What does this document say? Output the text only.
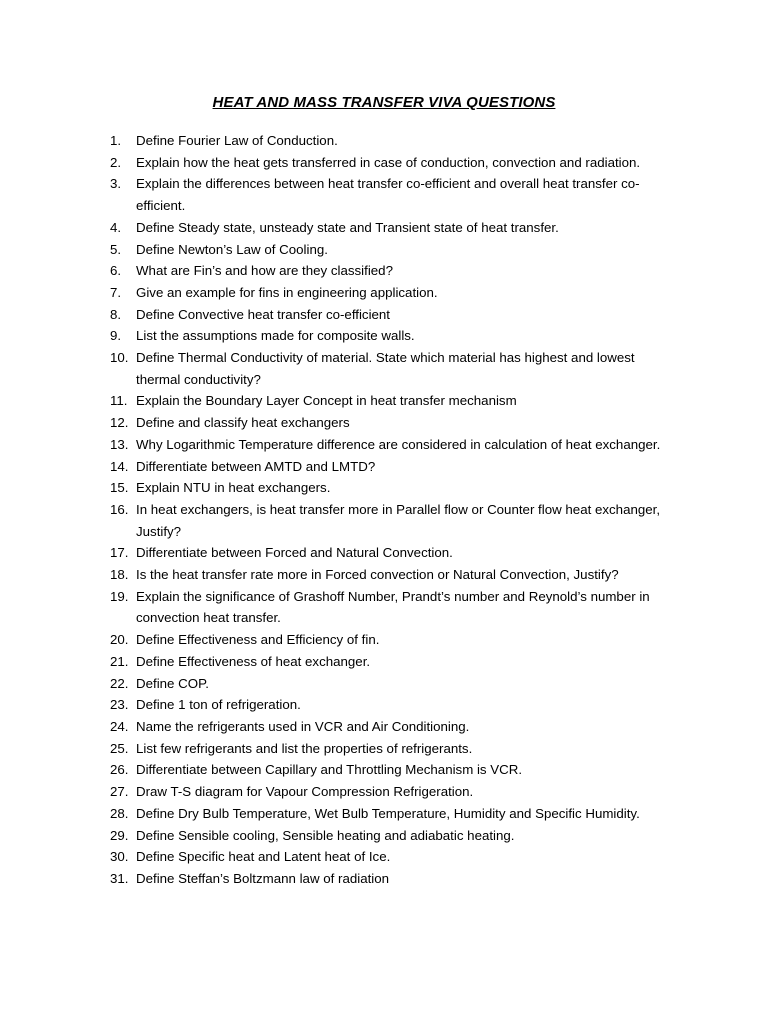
HEAT AND MASS TRANSFER VIVA QUESTIONS
1.	Define Fourier Law of Conduction.
2.	Explain how the heat gets transferred in case of conduction, convection and radiation.
3.	Explain the differences between heat transfer co-efficient and overall heat transfer co-efficient.
4.	Define Steady state, unsteady state and Transient state of heat transfer.
5.	Define Newton’s Law of Cooling.
6.	What are Fin’s and how are they classified?
7.	Give an example for fins in engineering application.
8.	Define Convective heat transfer co-efficient
9.	List the assumptions made for composite walls.
10. Define Thermal Conductivity of material. State which material has highest and lowest thermal conductivity?
11. Explain the Boundary Layer Concept in heat transfer mechanism
12. Define and classify heat exchangers
13. Why Logarithmic Temperature difference are considered in calculation of heat exchanger.
14. Differentiate between AMTD and LMTD?
15. Explain NTU in heat exchangers.
16. In heat exchangers, is heat transfer more in Parallel flow or Counter flow heat exchanger, Justify?
17. Differentiate between Forced and Natural Convection.
18. Is the heat transfer rate more in Forced convection or Natural Convection, Justify?
19. Explain the significance of Grashoff Number, Prandt’s number and Reynold’s number in convection heat transfer.
20. Define Effectiveness and Efficiency of fin.
21. Define Effectiveness of heat exchanger.
22. Define COP.
23. Define 1 ton of refrigeration.
24. Name the refrigerants used in VCR and Air Conditioning.
25. List few refrigerants and list the properties of refrigerants.
26. Differentiate between Capillary and Throttling Mechanism is VCR.
27. Draw T-S diagram for Vapour Compression Refrigeration.
28. Define Dry Bulb Temperature, Wet Bulb Temperature, Humidity and Specific Humidity.
29. Define Sensible cooling, Sensible heating and adiabatic heating.
30. Define Specific heat and Latent heat of Ice.
31. Define Steffan’s Boltzmann law of radiation
